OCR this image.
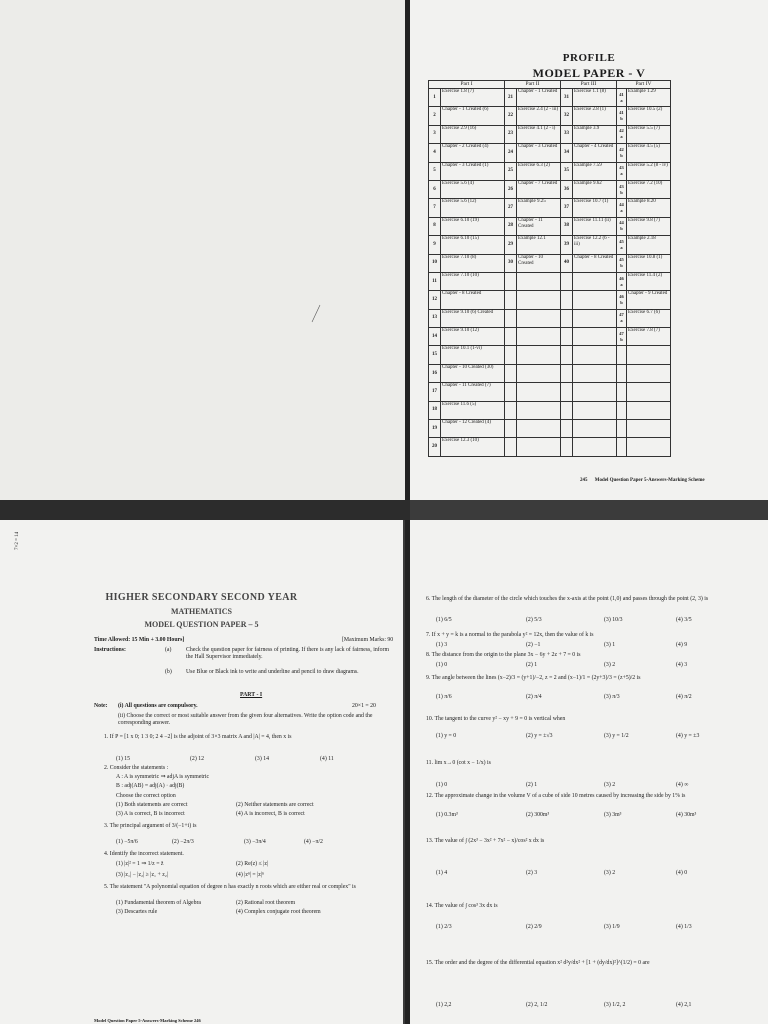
PROFILE
MODEL PAPER - V
Part I		Part II		Part III		Part IV	
1	Exercise 1.8 (7)	21	Chapter - 1 Created	31	Exercise 1.1 (8)	41 a	Example 1.29
2	Chapter - 1 Created (6)	22	Exercise 2.4 (2 - iii)	32	Exercise 2.8 (1)	41 b	Exercise 10.5 (2)
3	Exercise 2.9 (16)	23	Exercise 4.1 (2 - i)	33	Example 3.9	42 a	Exercise 5.5 (7)
4	Chapter - 2 Created (4)	24	Chapter - 3 Created	34	Chapter - 4 Created	42 b	Exercise 4.5 (5)
5	Chapter - 3 Created (1)	25	Exercise 6.3 (2)	35	Example 7.59	43 a	Exercise 5.2 (8 - iv)
6	Exercise 5.6 (4)	26	Chapter - 7 Created	36	Example 9.62	43 b	Exercise 7.2 (10)
7	Exercise 5.6 (12)	27	Example 9.25	37	Exercise 10.7 (1)	44 a	Example 8.20
8	Exercise 6.10 (19)	28	Chapter - 11 Created	38	Exercise 11.11 (ii)	44 b	Exercise 9.8 (7)
9	Exercise 6.10 (15)	29	Example 12.1	39	Exercise 12.2 (6 - iii)	45 a	Example 2.18
10	Exercise 7.10 (8)	30	Chapter - 10 Created	40	Chapter - 8 Created	45 b	Exercise 10.8 (1)
11	Exercise 7.10 (10)					46 a	Exercise 11.4 (2)
12	Chapter - 8 Created					46 b	Chapter - 9 Created
13	Exercise 9.10 (6) Created					47 a	Exercise 6.7 (6)
14	Exercise 9.10 (12)					47 b	Exercise 7.8 (7)
15	Exercise 10.1 (1-vi)						
16	Chapter - 10 Created (30)						
17	Chapter - 11 Created (7)						
18	Exercise 11.6 (5)						
19	Chapter - 12 Created (4)						
20	Exercise 12.3 (10)						
245 Model Question Paper 5-Answers-Marking Scheme
HIGHER SECONDARY SECOND YEAR
MATHEMATICS
MODEL QUESTION PAPER – 5
Time Allowed: 15 Min + 3.00 Hours]	[Maximum Marks: 90
Instructions:	(a)	Check the question paper for fairness of printing. If there is any lack of fairness, inform the Hall Supervisor immediately.
(b) Use Blue or Black ink to write and underline and pencil to draw diagrams.
PART - I
Note: (i) All questions are compulsory.	20×1 = 20
(ii) Choose the correct or most suitable answer from the given four alternatives. Write the option code and the corresponding answer.
1. If P = [1 x 0; 1 3 0; 2 4 −2] is the adjoint of 3×3 matrix A and |A| = 4, then x is
(1) 15	(2) 12	(3) 14	(4) 11
2. Consider the statements :
A : A is symmetric ⇒ adjA is symmetric
B : adj(AB) = adj(A) · adj(B)
Choose the correct option
(1) Both statements are correct	(2) Neither statements are correct
(3) A is correct, B is incorrect	(4) A is incorrect, B is correct
3. The principal argument of 3/(−1+i) is
(1) −5π/6	(2) −2π/3	(3) −3π/4	(4) −π/2
4. Identify the incorrect statement.
(1) |z|² = 1 ⇒ 1/z = z̄	(2) Re(z) ≤ |z|
(3) |z₁| − |z₂| ≥ |z₁ + z₂|	(4) |zⁿ| = |z|ⁿ
5. The statement "A polynomial equation of degree n has exactly n roots which are either real or complex" is
(1) Fundamental theorem of Algebra	(2) Rational root theorem
(3) Descartes rule	(4) Complex conjugate root theorem
Model Question Paper 5-Answers-Marking Scheme 246
7×2 = 14
6. The length of the diameter of the circle which touches the x-axis at the point (1,0) and passes through the point (2, 3) is
(1) 6/5	(2) 5/3	(3) 10/3	(4) 3/5
7. If x + y = k is a normal to the parabola y² = 12x, then the value of k is
(1) 3	(2) −1	(3) 1	(4) 9
8. The distance from the origin to the plane 3x − 6y + 2z + 7 = 0 is
(1) 0	(2) 1	(3) 2	(4) 3
9. The angle between the lines (x−2)/3 = (y+1)/−2, z = 2 and (x−1)/1 = (2y+3)/3 = (z+5)/2 is
(1) π/6	(2) π/4	(3) π/3	(4) π/2
10. The tangent to the curve y² − xy + 9 = 0 is vertical when
(1) y = 0	(2) y = ±√3	(3) y = 1/2	(4) y = ±3
11. lim x→0 (cot x − 1/x) is
(1) 0	(2) 1	(3) 2	(4) ∞
12. The approximate change in the volume V of a cube of side 10 metres caused by increasing the side by 1% is
(1) 0.3m³	(2) 300m³	(3) 3m³	(4) 30m³
13. The value of ∫ (2x³ − 3x² + 7x² − x)/cos² x dx is
(1) 4	(2) 3	(3) 2	(4) 0
14. The value of ∫ cos³ 3x dx is
(1) 2/3	(2) 2/9	(3) 1/9	(4) 1/3
15. The order and the degree of the differential equation x² d²y/dx² + [1 + (dy/dx)²]^(1/2) = 0 are
(1) 2,2	(2) 2, 1/2	(3) 1/2, 2	(4) 2,1
